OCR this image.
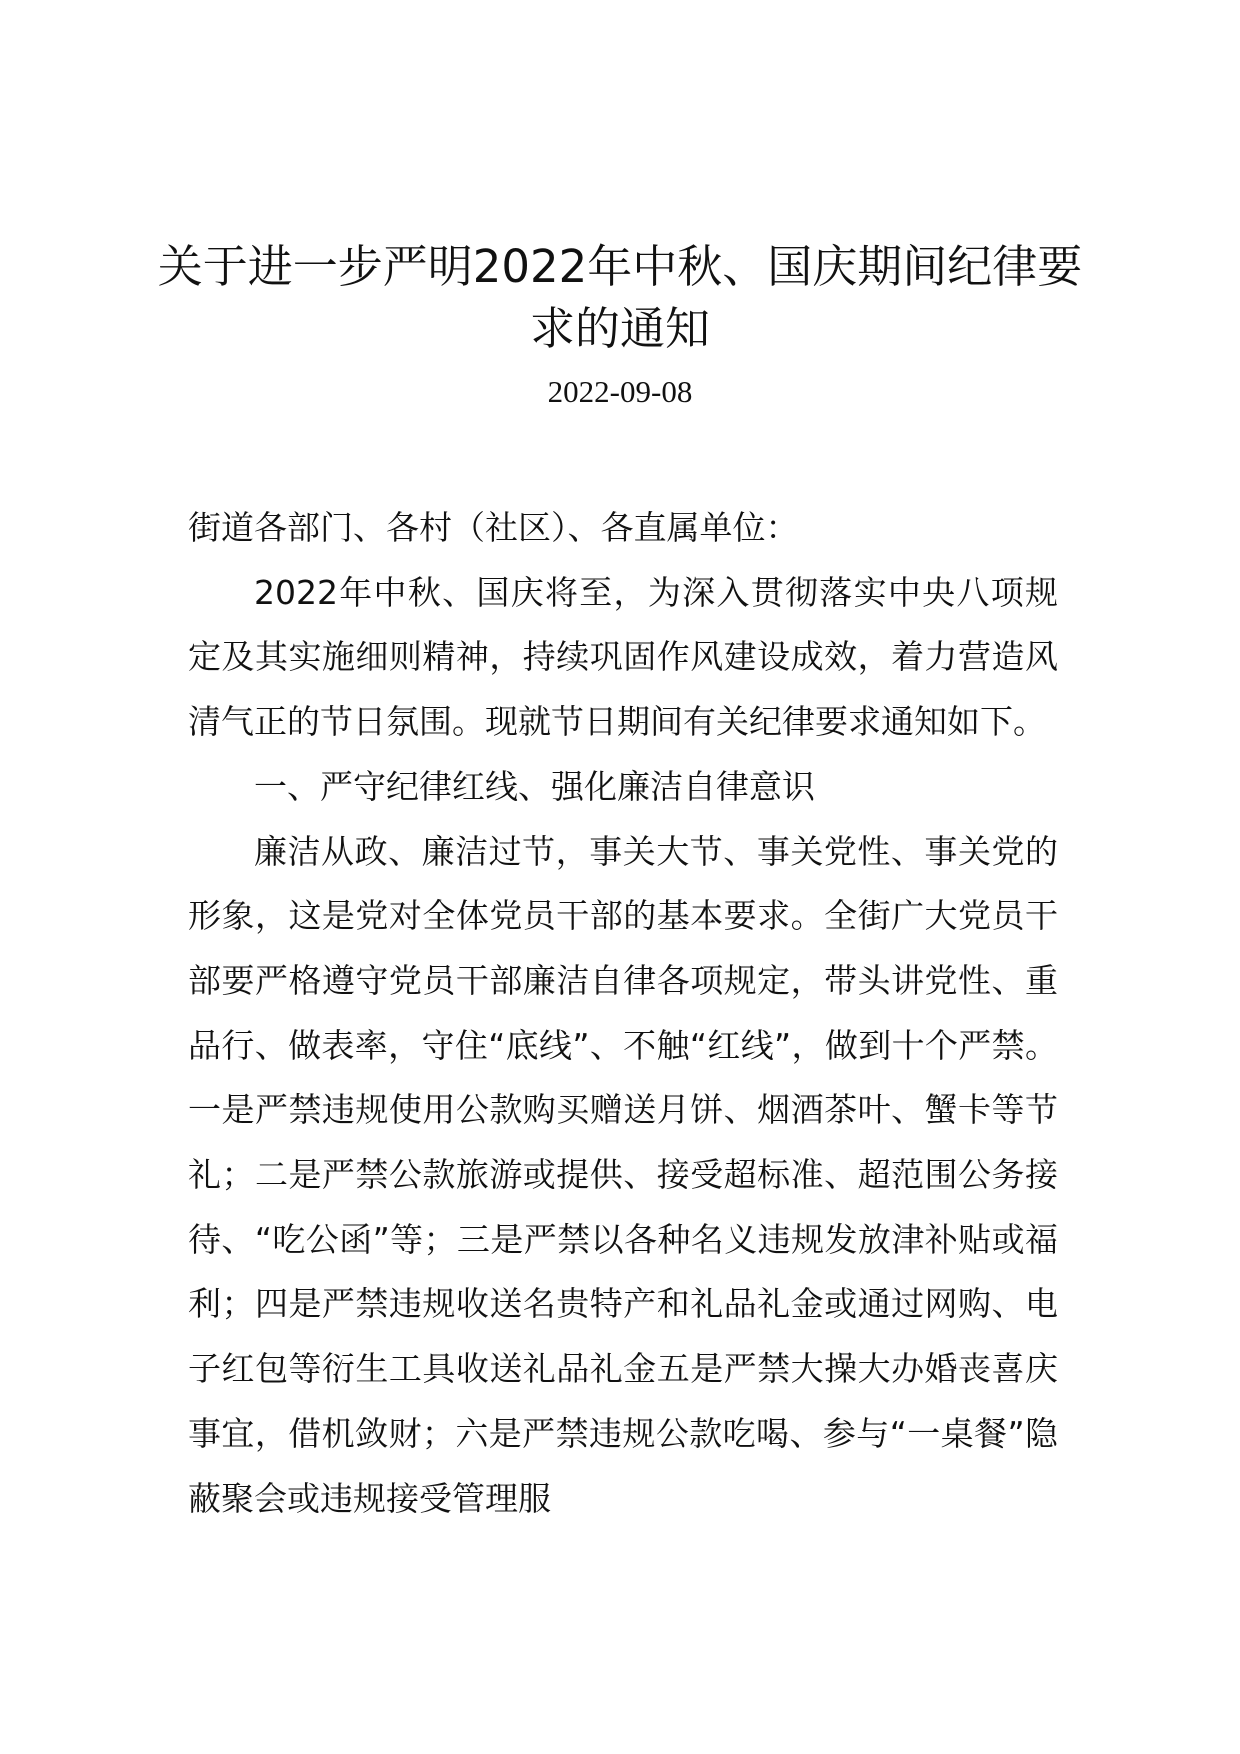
关于进一步严明2022年中秋、国庆期间纪律要求的通知
2022-09-08

街道各部门、各村（社区）、各直属单位：

2022年中秋、国庆将至，为深入贯彻落实中央八项规定及其实施细则精神，持续巩固作风建设成效，着力营造风清气正的节日氛围。现就节日期间有关纪律要求通知如下。

一、严守纪律红线、强化廉洁自律意识

廉洁从政、廉洁过节，事关大节、事关党性、事关党的形象，这是党对全体党员干部的基本要求。全街广大党员干部要严格遵守党员干部廉洁自律各项规定，带头讲党性、重品行、做表率，守住“底线”、不触“红线”，做到十个严禁。一是严禁违规使用公款购买赠送月饼、烟酒茶叶、蟹卡等节礼；二是严禁公款旅游或提供、接受超标准、超范围公务接待、“吃公函”等；三是严禁以各种名义违规发放津补贴或福利；四是严禁违规收送名贵特产和礼品礼金或通过网购、电子红包等衍生工具收送礼品礼金五是严禁大操大办婚丧喜庆事宜，借机敛财；六是严禁违规公款吃喝、参与“一桌餐”隐蔽聚会或违规接受管理服
